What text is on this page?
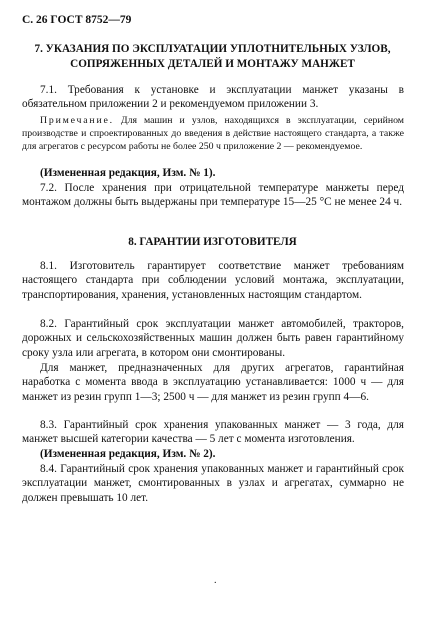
С. 26 ГОСТ 8752—79
7. УКАЗАНИЯ ПО ЭКСПЛУАТАЦИИ УПЛОТНИТЕЛЬНЫХ УЗЛОВ,
СОПРЯЖЕННЫХ ДЕТАЛЕЙ И МОНТАЖУ МАНЖЕТ

7.1. Требования к установке и эксплуатации манжет указаны в обязательном приложении 2 и рекомендуемом приложении 3.

Примечание. Для машин и узлов, находящихся в эксплуатации, серийном производстве и спроектированных до введения в действие настоящего стандарта, а также для агрегатов с ресурсом работы не более 250 ч приложение 2 — рекомендуемое.

(Измененная редакция, Изм. № 1).

7.2. После хранения при отрицательной температуре манжеты перед монтажом должны быть выдержаны при температуре 15—25 °С не менее 24 ч.

8. ГАРАНТИИ ИЗГОТОВИТЕЛЯ

8.1. Изготовитель гарантирует соответствие манжет требованиям настоящего стандарта при соблюдении условий монтажа, эксплуатации, транспортирования, хранения, установленных настоящим стандартом.

8.2. Гарантийный срок эксплуатации манжет автомобилей, тракторов, дорожных и сельскохозяйственных машин должен быть равен гарантийному сроку узла или агрегата, в котором они смонтированы.

Для манжет, предназначенных для других агрегатов, гарантийная наработка с момента ввода в эксплуатацию устанавливается: 1000 ч — для манжет из резин групп 1—3; 2500 ч — для манжет из резин групп 4—6.

8.3. Гарантийный срок хранения упакованных манжет — 3 года, для манжет высшей категории качества — 5 лет с момента изготовления.

(Измененная редакция, Изм. № 2).

8.4. Гарантийный срок хранения упакованных манжет и гарантийный срок эксплуатации манжет, смонтированных в узлах и агрегатах, суммарно не должен превышать 10 лет.

.
